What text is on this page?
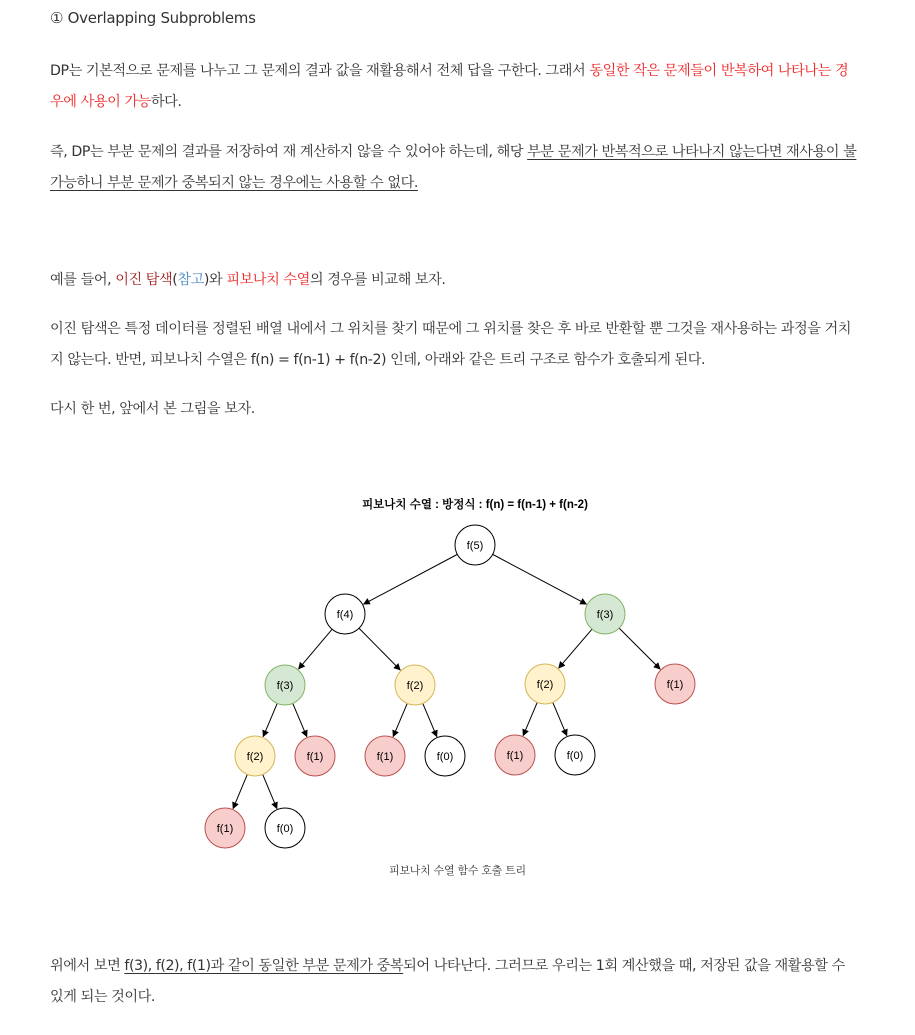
① Overlapping Subproblems
DP는 기본적으로 문제를 나누고 그 문제의 결과 값을 재활용해서 전체 답을 구한다. 그래서 동일한 작은 문제들이 반복하여 나타나는 경우에 사용이 가능하다.
즉, DP는 부분 문제의 결과를 저장하여 재 계산하지 않을 수 있어야 하는데, 해당 부분 문제가 반복적으로 나타나지 않는다면 재사용이 불가능하니 부분 문제가 중복되지 않는 경우에는 사용할 수 없다.
예를 들어, 이진 탐색(참고)와 피보나치 수열의 경우를 비교해 보자.
이진 탐색은 특정 데이터를 정렬된 배열 내에서 그 위치를 찾기 때문에 그 위치를 찾은 후 바로 반환할 뿐 그것을 재사용하는 과정을 거치지 않는다. 반면, 피보나치 수열은 f(n) = f(n-1) + f(n-2) 인데, 아래와 같은 트리 구조로 함수가 호출되게 된다.
다시 한 번, 앞에서 본 그림을 보자.
위에서 보면 f(3), f(2), f(1)과 같이 동일한 부분 문제가 중복되어 나타난다. 그러므로 우리는 1회 계산했을 때, 저장된 값을 재활용할 수 있게 되는 것이다.
피보나치 수열 : 방정식 : f(n) = f(n-1) + f(n-2)
f(5)
f(4)	f(3)
f(3)	f(2)	f(2)	f(1)
f(2)	f(1)	f(1)	f(0)	f(1)	f(0)
f(1)	f(0)
피보나치 수열 함수 호출 트리
